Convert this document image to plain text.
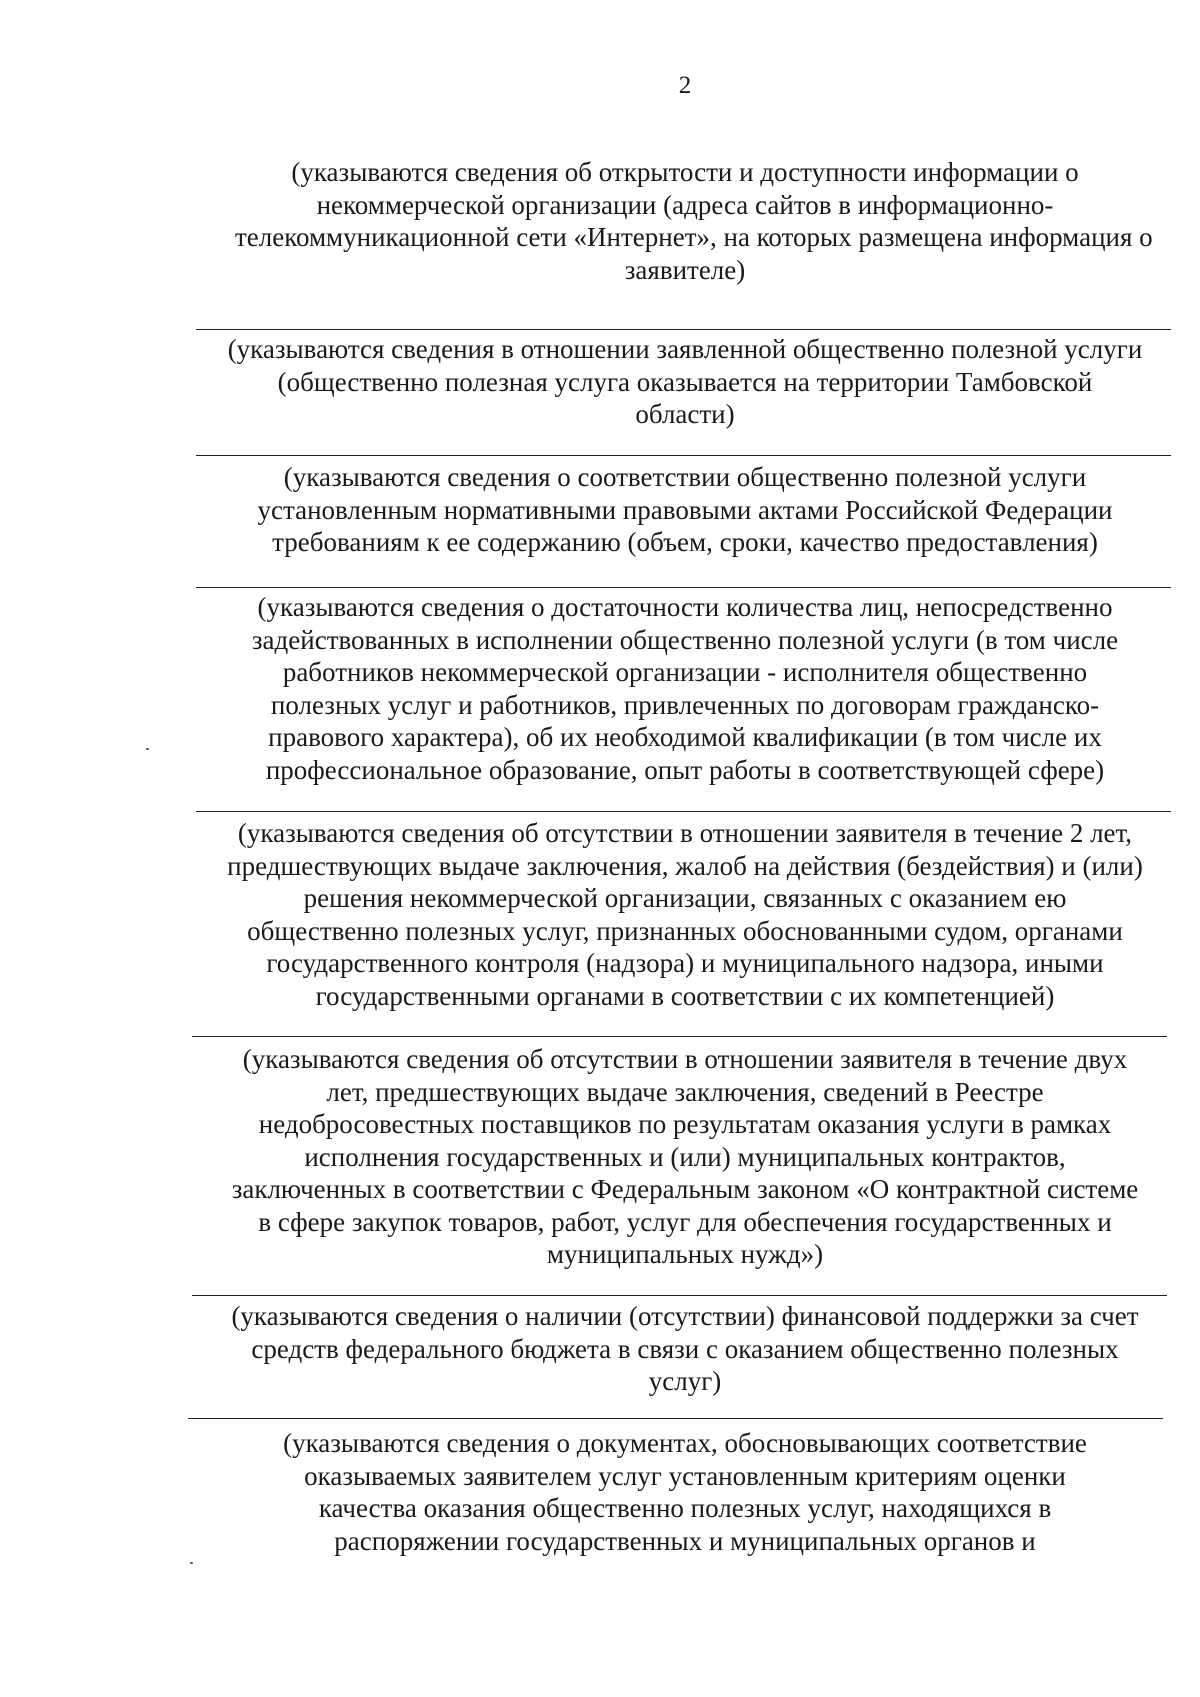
2
(указываются сведения об открытости и доступности информации о
некоммерческой организации (адреса сайтов в информационно-
телекоммуникационной сети «Интернет», на которых размещена информация о
заявителе)
(указываются сведения в отношении заявленной общественно полезной услуги
(общественно полезная услуга оказывается на территории Тамбовской
области)
(указываются сведения о соответствии общественно полезной услуги
установленным нормативными правовыми актами Российской Федерации
требованиям к ее содержанию (объем, сроки, качество предоставления)
(указываются сведения о достаточности количества лиц, непосредственно
задействованных в исполнении общественно полезной услуги (в том числе
работников некоммерческой организации - исполнителя общественно
полезных услуг и работников, привлеченных по договорам гражданско-
правового характера), об их необходимой квалификации (в том числе их
профессиональное образование, опыт работы в соответствующей сфере)
(указываются сведения об отсутствии в отношении заявителя в течение 2 лет,
предшествующих выдаче заключения, жалоб на действия (бездействия) и (или)
решения некоммерческой организации, связанных с оказанием ею
общественно полезных услуг, признанных обоснованными судом, органами
государственного контроля (надзора) и муниципального надзора, иными
государственными органами в соответствии с их компетенцией)
(указываются сведения об отсутствии в отношении заявителя в течение двух
лет, предшествующих выдаче заключения, сведений в Реестре
недобросовестных поставщиков по результатам оказания услуги в рамках
исполнения государственных и (или) муниципальных контрактов,
заключенных в соответствии с Федеральным законом «О контрактной системе
в сфере закупок товаров, работ, услуг для обеспечения государственных и
муниципальных нужд»)
(указываются сведения о наличии (отсутствии) финансовой поддержки за счет
средств федерального бюджета в связи с оказанием общественно полезных
услуг)
(указываются сведения о документах, обосновывающих соответствие
оказываемых заявителем услуг установленным критериям оценки
качества оказания общественно полезных услуг, находящихся в
распоряжении государственных и муниципальных органов и
